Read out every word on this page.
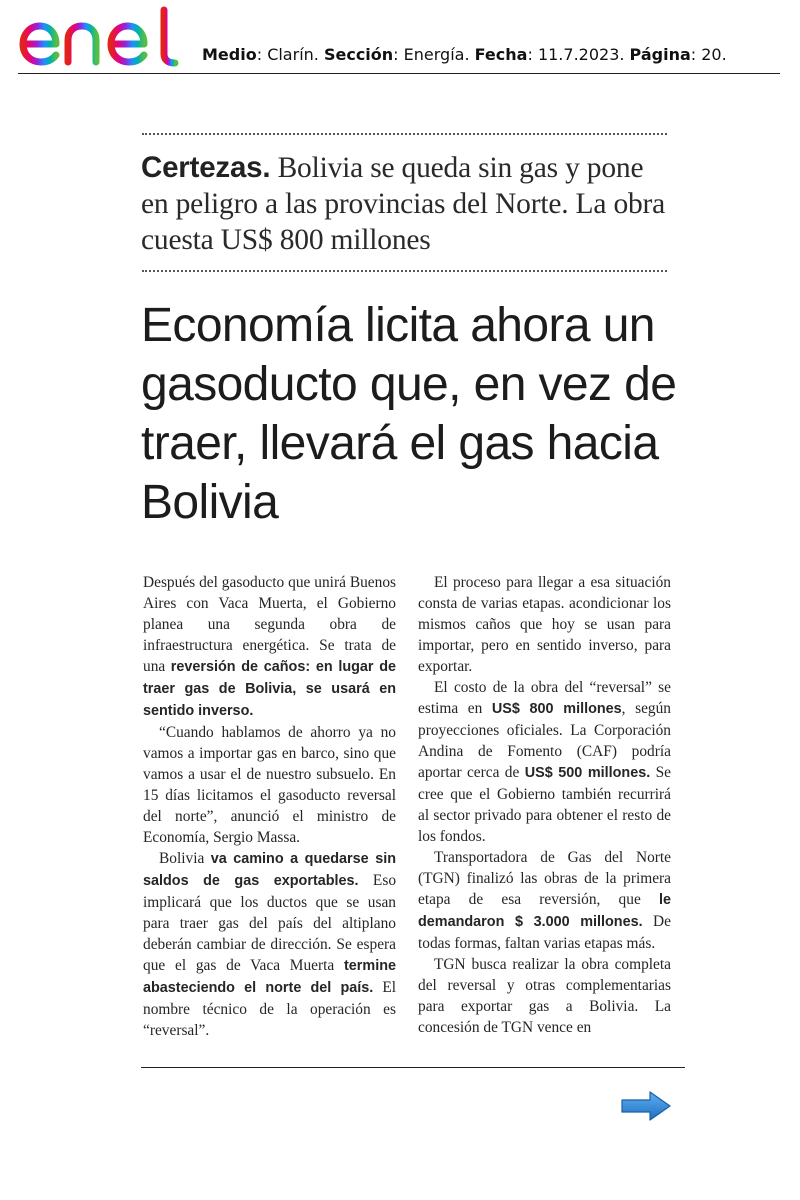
Medio: Clarín. Sección: Energía. Fecha: 11.7.2023. Página: 20.
Certezas. Bolivia se queda sin gas y pone en peligro a las provincias del Norte. La obra cuesta US$ 800 millones
Economía licita ahora un gasoducto que, en vez de traer, llevará el gas hacia Bolivia

Después del gasoducto que unirá Buenos Aires con Vaca Muerta, el Gobierno planea una segunda obra de infraestructura energética. Se trata de una reversión de caños: en lugar de traer gas de Bolivia, se usará en sentido inverso.

“Cuando hablamos de ahorro ya no vamos a importar gas en barco, sino que vamos a usar el de nuestro subsuelo. En 15 días licitamos el gasoducto reversal del norte”, anunció el ministro de Economía, Sergio Massa.

Bolivia va camino a quedarse sin saldos de gas exportables. Eso implicará que los ductos que se usan para traer gas del país del altiplano deberán cambiar de dirección. Se espera que el gas de Vaca Muerta termine abasteciendo el norte del país. El nombre técnico de la operación es “reversal”.

El proceso para llegar a esa situación consta de varias etapas. acondicionar los mismos caños que hoy se usan para importar, pero en sentido inverso, para exportar.

El costo de la obra del “reversal” se estima en US$ 800 millones, según proyecciones oficiales. La Corporación Andina de Fomento (CAF) podría aportar cerca de US$ 500 millones. Se cree que el Gobierno también recurrirá al sector privado para obtener el resto de los fondos.

Transportadora de Gas del Norte (TGN) finalizó las obras de la primera etapa de esa reversión, que le demandaron $ 3.000 millones. De todas formas, faltan varias etapas más.

TGN busca realizar la obra completa del reversal y otras complementarias para exportar gas a Bolivia. La concesión de TGN vence en
